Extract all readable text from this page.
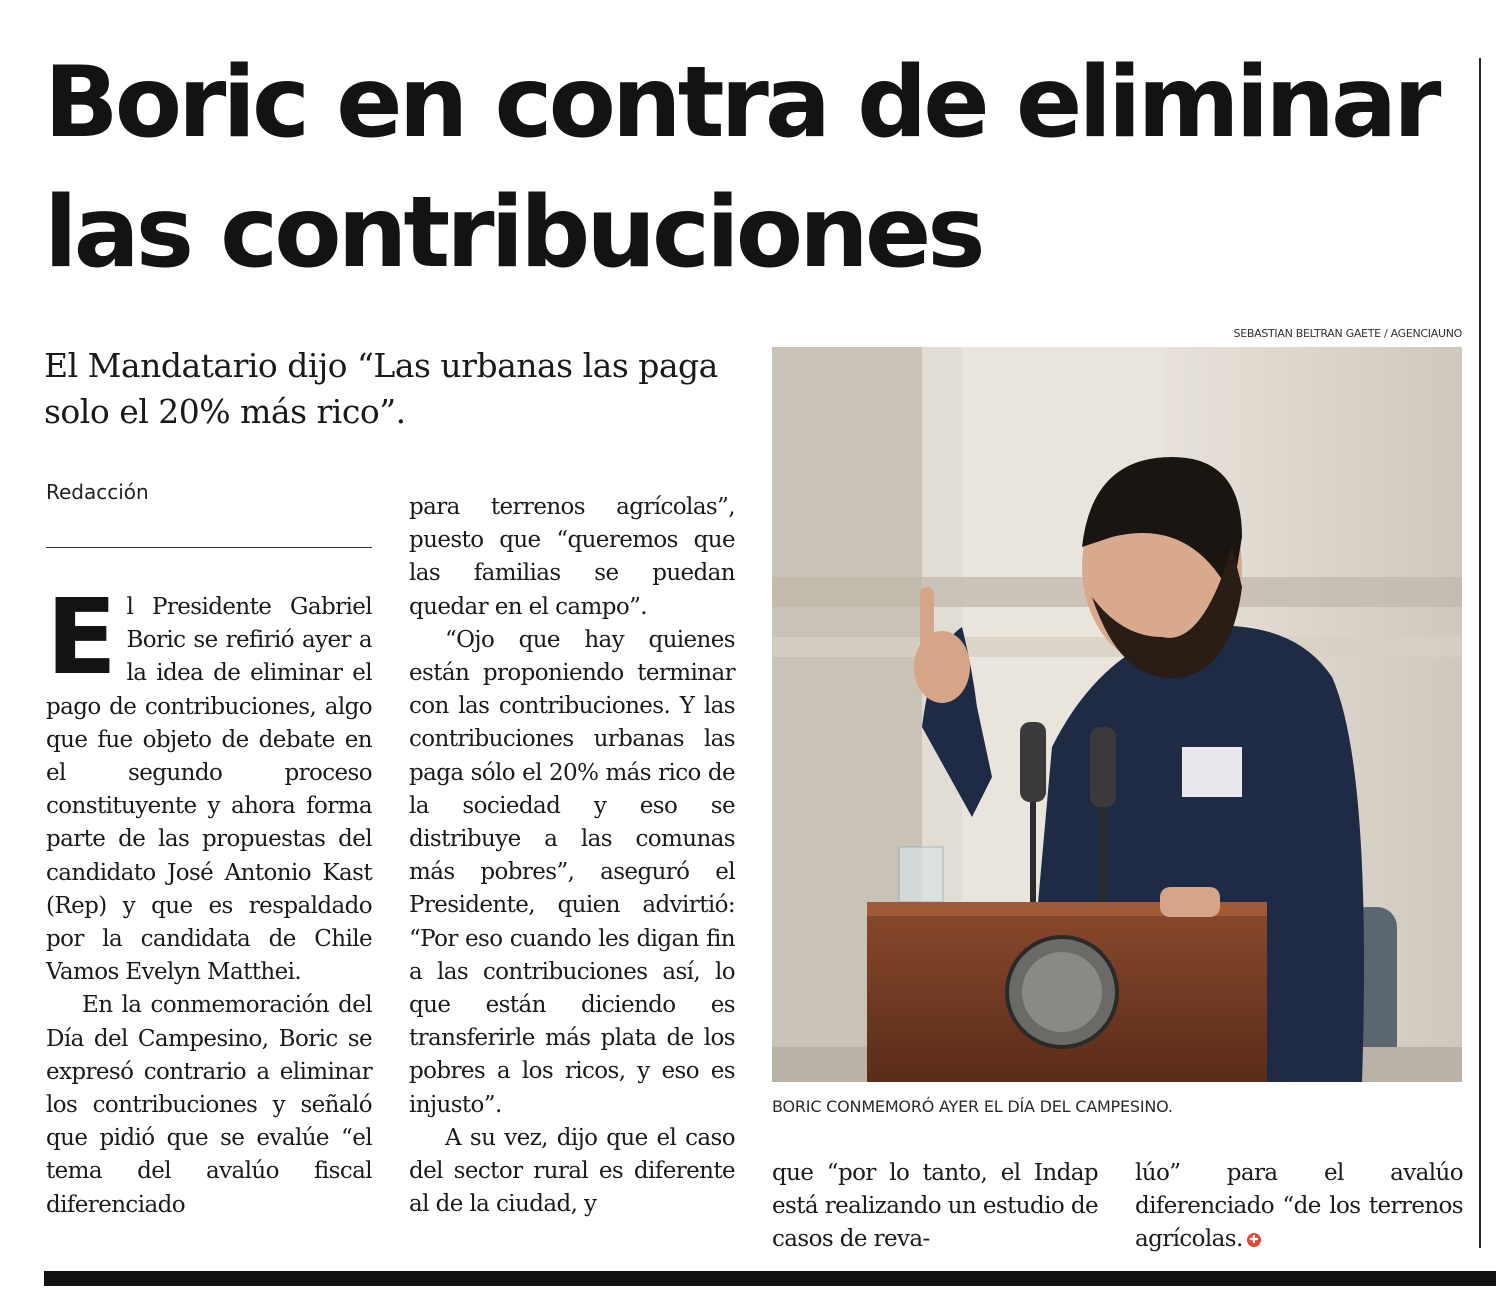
Boric en contra de eliminar
las contribuciones

El Mandatario dijo “Las urbanas las paga solo el 20% más rico”.

Redacción

El Presidente Gabriel Boric se refirió ayer a la idea de eliminar el pago de contribuciones, algo que fue objeto de debate en el segundo proceso constituyente y ahora forma parte de las propuestas del candidato José Antonio Kast (Rep) y que es respaldado por la candidata de Chile Vamos Evelyn Matthei.

En la conmemoración del Día del Campesino, Boric se expresó contrario a eliminar los contribuciones y señaló que pidió que se evalúe “el tema del avalúo fiscal diferenciado

para terrenos agrícolas”, puesto que “queremos que las familias se puedan quedar en el campo”.

“Ojo que hay quienes están proponiendo terminar con las contribuciones. Y las contribuciones urbanas las paga sólo el 20% más rico de la sociedad y eso se distribuye a las comunas más pobres”, aseguró el Presidente, quien advirtió: “Por eso cuando les digan fin a las contribuciones así, lo que están diciendo es transferirle más plata de los pobres a los ricos, y eso es injusto”.

A su vez, dijo que el caso del sector rural es diferente al de la ciudad, y

SEBASTIAN BELTRAN GAETE / AGENCIAUNO
BORIC CONMEMORÓ AYER EL DÍA DEL CAMPESINO.

que “por lo tanto, el Indap está realizando un estudio de casos de reva-

lúo” para el avalúo diferenciado “de los terrenos agrícolas. ✚
